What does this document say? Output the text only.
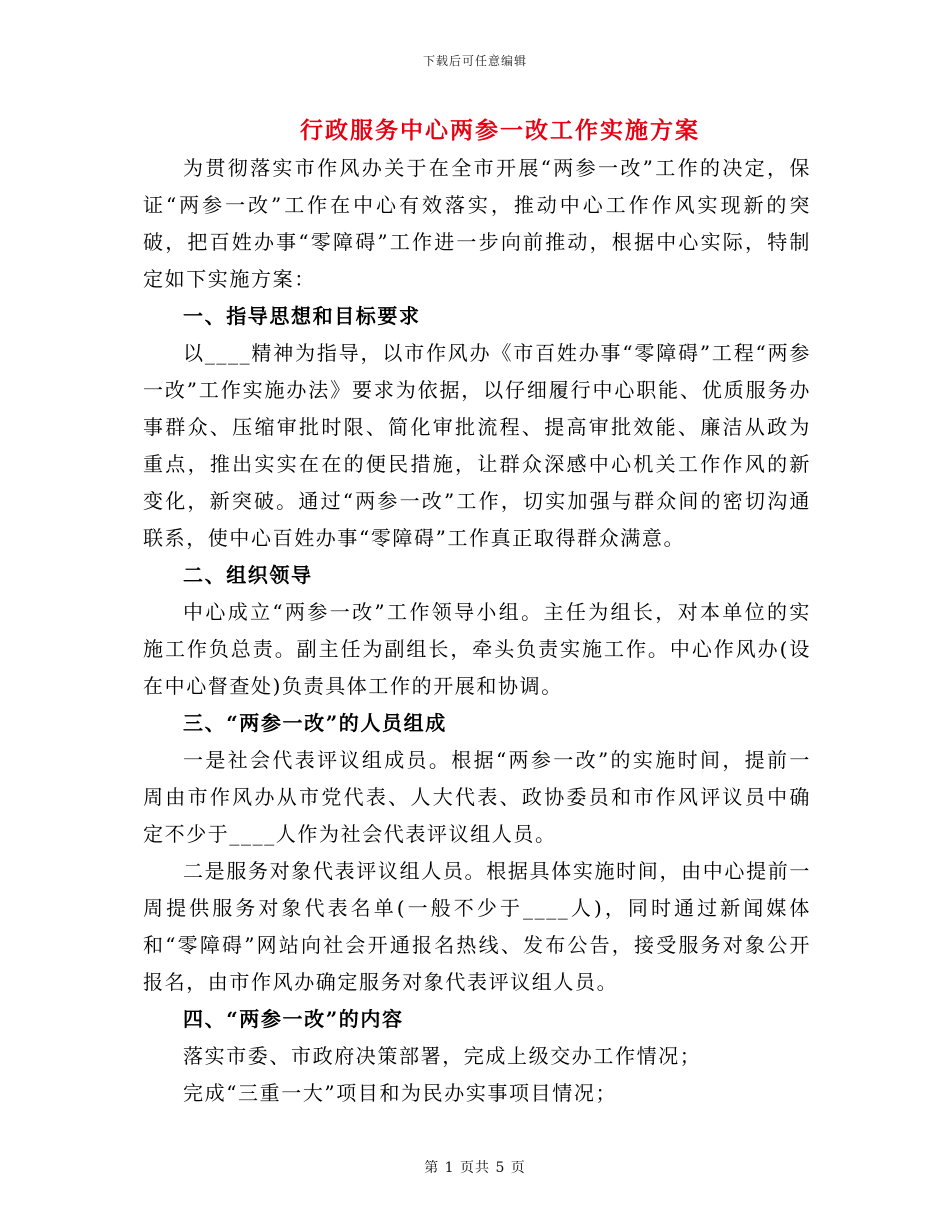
下载后可任意编辑
行政服务中心两参一改工作实施方案

为贯彻落实市作风办关于在全市开展“两参一改”工作的决定，保证“两参一改”工作在中心有效落实，推动中心工作作风实现新的突破，把百姓办事“零障碍”工作进一步向前推动，根据中心实际，特制定如下实施方案：

一、指导思想和目标要求

以____精神为指导，以市作风办《市百姓办事“零障碍”工程“两参一改”工作实施办法》要求为依据，以仔细履行中心职能、优质服务办事群众、压缩审批时限、简化审批流程、提高审批效能、廉洁从政为重点，推出实实在在的便民措施，让群众深感中心机关工作作风的新变化，新突破。通过“两参一改”工作，切实加强与群众间的密切沟通联系，使中心百姓办事“零障碍”工作真正取得群众满意。

二、组织领导

中心成立“两参一改”工作领导小组。主任为组长，对本单位的实施工作负总责。副主任为副组长，牵头负责实施工作。中心作风办(设在中心督查处)负责具体工作的开展和协调。

三、“两参一改”的人员组成

一是社会代表评议组成员。根据“两参一改”的实施时间，提前一周由市作风办从市党代表、人大代表、政协委员和市作风评议员中确定不少于____人作为社会代表评议组人员。

二是服务对象代表评议组人员。根据具体实施时间，由中心提前一周提供服务对象代表名单(一般不少于____人)，同时通过新闻媒体和“零障碍”网站向社会开通报名热线、发布公告，接受服务对象公开报名，由市作风办确定服务对象代表评议组人员。

四、“两参一改”的内容

落实市委、市政府决策部署，完成上级交办工作情况；

完成“三重一大”项目和为民办实事项目情况；

第 1 页共 5 页
